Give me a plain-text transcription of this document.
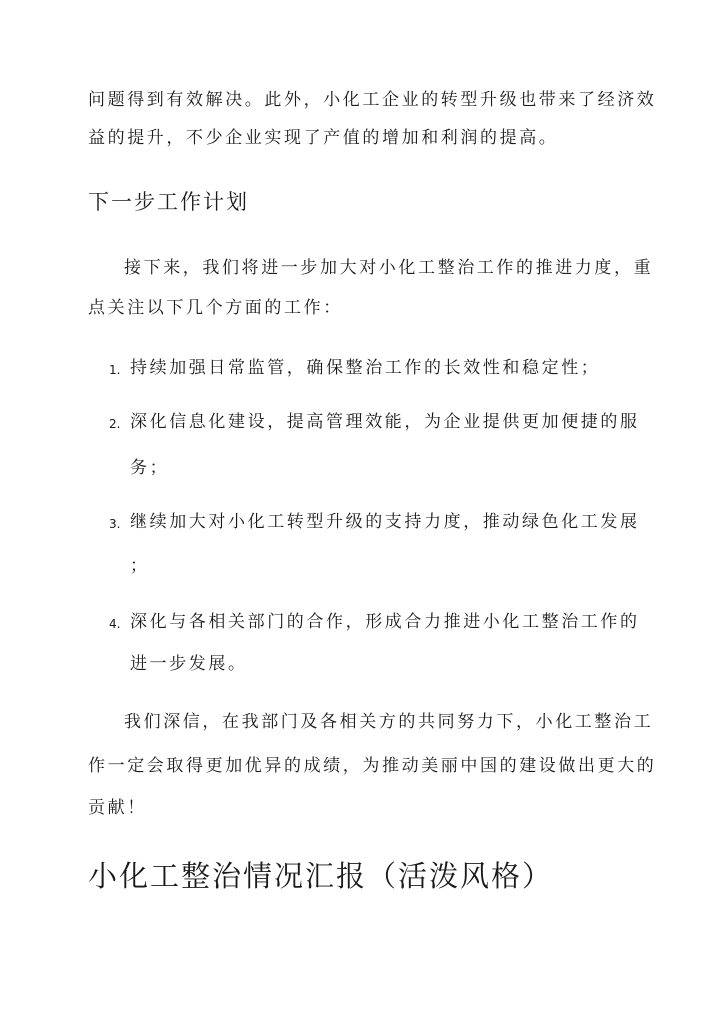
问题得到有效解决。此外，小化工企业的转型升级也带来了经济效
益的提升，不少企业实现了产值的增加和利润的提高。
下一步工作计划
接下来，我们将进一步加大对小化工整治工作的推进力度，重
点关注以下几个方面的工作：
1. 持续加强日常监管，确保整治工作的长效性和稳定性；
2. 深化信息化建设，提高管理效能，为企业提供更加便捷的服
务；
3. 继续加大对小化工转型升级的支持力度，推动绿色化工发展
；
4. 深化与各相关部门的合作，形成合力推进小化工整治工作的
进一步发展。
我们深信，在我部门及各相关方的共同努力下，小化工整治工
作一定会取得更加优异的成绩，为推动美丽中国的建设做出更大的
贡献！
小化工整治情况汇报（活泼风格）
